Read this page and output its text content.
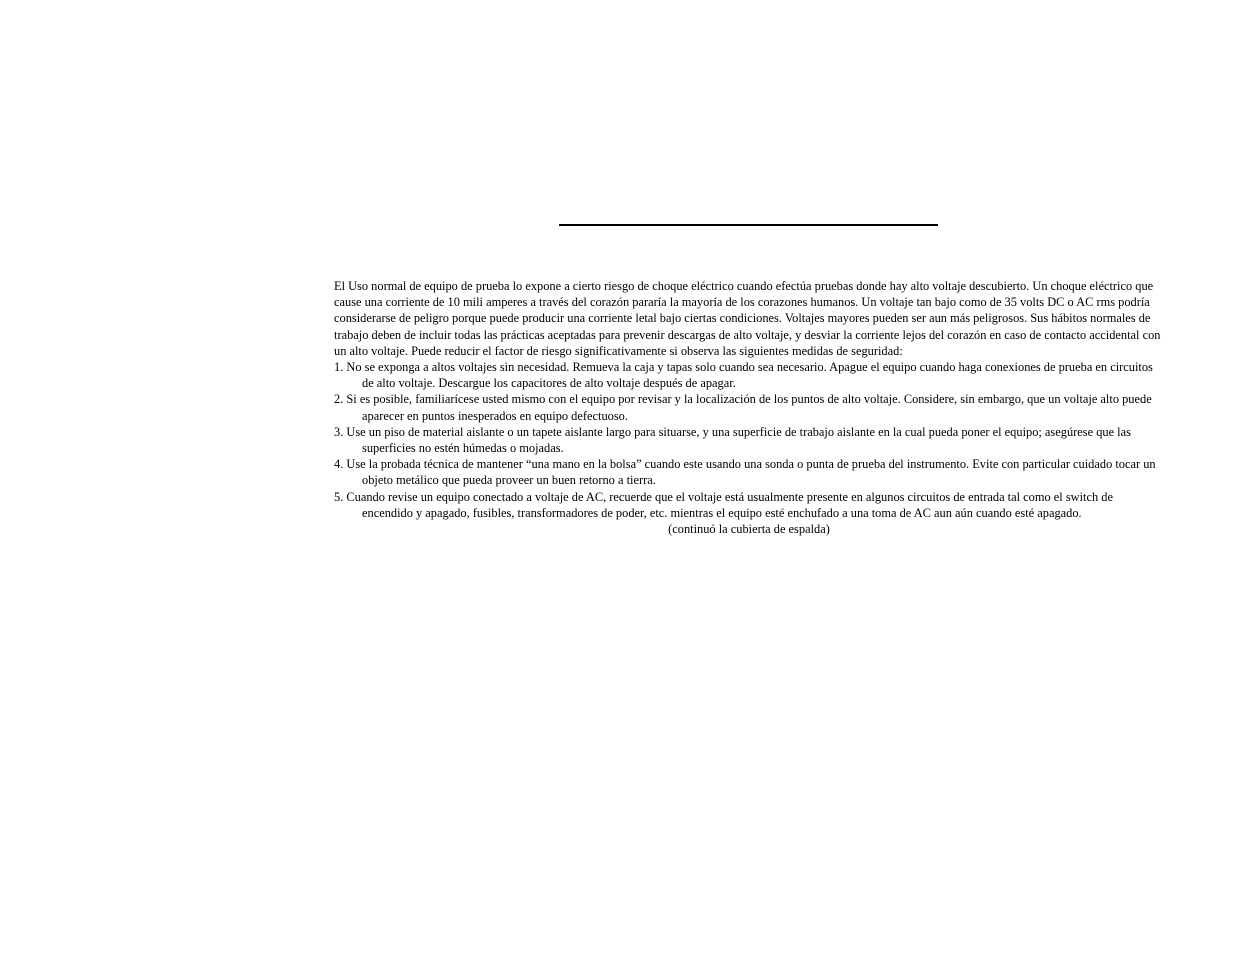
El Uso normal de equipo de prueba lo expone a cierto riesgo de choque eléctrico cuando efectúa pruebas donde hay alto voltaje descubierto. Un choque eléctrico que cause una corriente de 10 mili amperes a través del corazón pararía la mayoría de los corazones humanos. Un voltaje tan bajo como de 35 volts DC o AC rms podría considerarse de peligro porque puede producir una corriente letal bajo ciertas condiciones. Voltajes mayores pueden ser aun más peligrosos. Sus hábitos normales de trabajo deben de incluir todas las prácticas aceptadas para prevenir descargas de alto voltaje, y desviar la corriente lejos del corazón en caso de contacto accidental con un alto voltaje. Puede reducir el factor de riesgo significativamente si observa las siguientes medidas de seguridad:

1. No se exponga a altos voltajes sin necesidad. Remueva la caja y tapas solo cuando sea necesario. Apague el equipo cuando haga conexiones de prueba en circuitos de alto voltaje. Descargue los capacitores de alto voltaje después de apagar.
2. Si es posible, familiarícese usted mismo con el equipo por revisar y la localización de los puntos de alto voltaje. Considere, sin embargo, que un voltaje alto puede aparecer en puntos inesperados en equipo defectuoso.
3. Use un piso de material aislante o un tapete aislante largo para situarse, y una superficie de trabajo aislante en la cual pueda poner el equipo; asegúrese que las superficies no estén húmedas o mojadas.
4. Use la probada técnica de mantener “una mano en la bolsa” cuando este usando una sonda o punta de prueba del instrumento. Evite con particular cuidado tocar un objeto metálico que pueda proveer un buen retorno a tierra.
5. Cuando revise un equipo conectado a voltaje de AC, recuerde que el voltaje está usualmente presente en algunos circuitos de entrada tal como el switch de encendido y apagado, fusibles, transformadores de poder, etc. mientras el equipo esté enchufado a una toma de AC aun aún cuando esté apagado.

(continuó la cubierta de espalda)
